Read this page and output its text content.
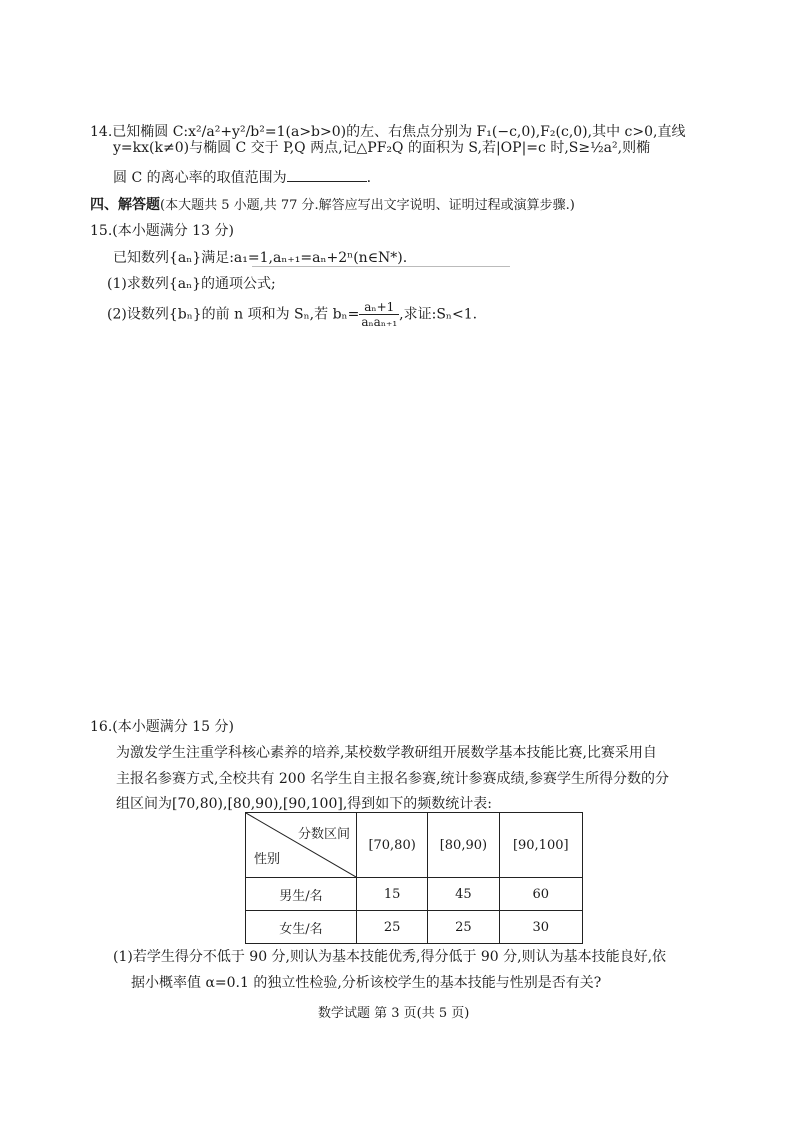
14.已知椭圆 C:x²/a²+y²/b²=1(a>b>0)的左、右焦点分别为 F₁(−c,0),F₂(c,0),其中 c>0,直线
y=kx(k≠0)与椭圆 C 交于 P,Q 两点,记△PF₂Q 的面积为 S,若|OP|=c 时,S≥½a²,则椭
圆 C 的离心率的取值范围为	.
四、解答题(本大题共 5 小题,共 77 分.解答应写出文字说明、证明过程或演算步骤.)
15.(本小题满分 13 分)
已知数列{aₙ}满足:a₁=1,aₙ₊₁=aₙ+2ⁿ(n∈N*).
(1)求数列{aₙ}的通项公式;
(2)设数列{bₙ}的前 n 项和为 Sₙ,若 $b_n= \frac{\text{aₙ+1}}{\text{aₙaₙ₊₁}}$ ,求证:Sₙ<1.
16.(本小题满分 15 分)
为激发学生注重学科核心素养的培养,某校数学教研组开展数学基本技能比赛,比赛采用自
主报名参赛方式,全校共有 200 名学生自主报名参赛,统计参赛成绩,参赛学生所得分数的分
组区间为[70,80),[80,90),[90,100],得到如下的频数统计表:
分数区间
性别	[70,80)	[80,90)	[90,100]
男生/名	15	45	60
女生/名	25	25	30
(1)若学生得分不低于 90 分,则认为基本技能优秀,得分低于 90 分,则认为基本技能良好,依
据小概率值 α=0.1 的独立性检验,分析该校学生的基本技能与性别是否有关?
数学试题 第 3 页(共 5 页)
